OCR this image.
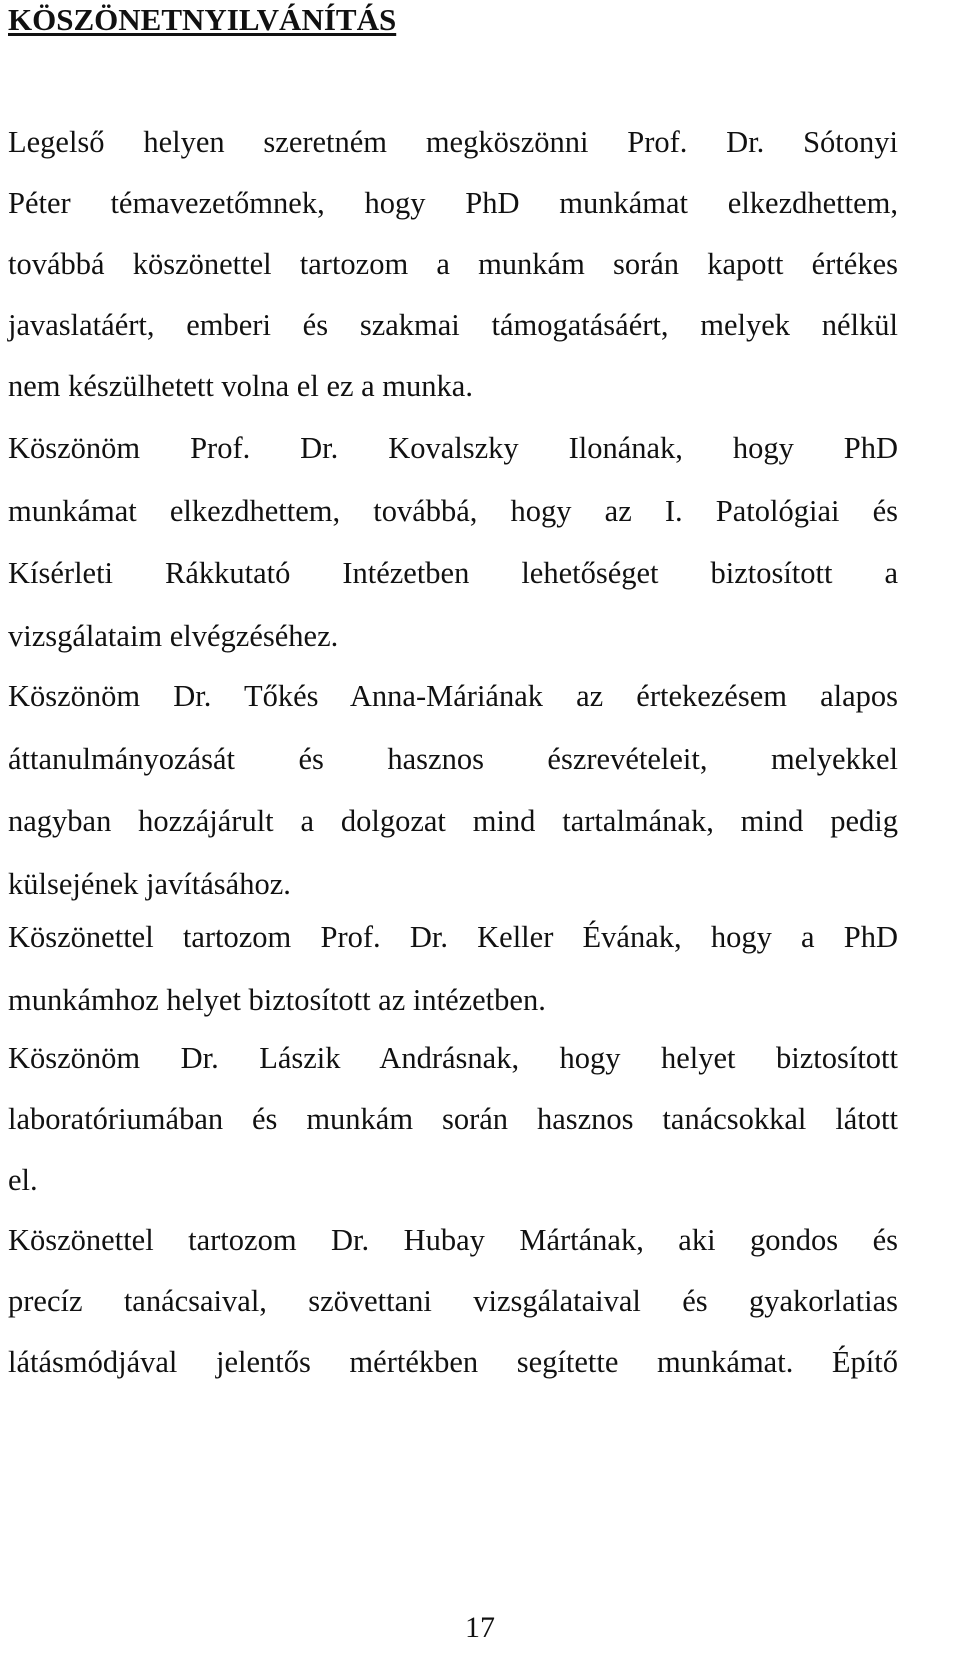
KÖSZÖNETNYILVÁNÍTÁS

Legelső helyen szeretném megköszönni Prof. Dr. Sótonyi
Péter témavezetőmnek, hogy PhD munkámat elkezdhettem,
továbbá köszönettel tartozom a munkám során kapott értékes
javaslatáért, emberi és szakmai támogatásáért, melyek nélkül
nem készülhetett volna el ez a munka.

Köszönöm Prof. Dr. Kovalszky Ilonának, hogy PhD
munkámat elkezdhettem, továbbá, hogy az I. Patológiai és
Kísérleti Rákkutató Intézetben lehetőséget biztosított a
vizsgálataim elvégzéséhez.

Köszönöm Dr. Tőkés Anna-Máriának az értekezésem alapos
áttanulmányozását és hasznos észrevételeit, melyekkel
nagyban hozzájárult a dolgozat mind tartalmának, mind pedig
külsejének javításához.

Köszönettel tartozom Prof. Dr. Keller Évának, hogy a PhD
munkámhoz helyet biztosított az intézetben.

Köszönöm Dr. Lászik Andrásnak, hogy helyet biztosított
laboratóriumában és munkám során hasznos tanácsokkal látott
el.

Köszönettel tartozom Dr. Hubay Mártának, aki gondos és
precíz tanácsaival, szövettani vizsgálataival és gyakorlatias
látásmódjával jelentős mértékben segítette munkámat. Építő

17
